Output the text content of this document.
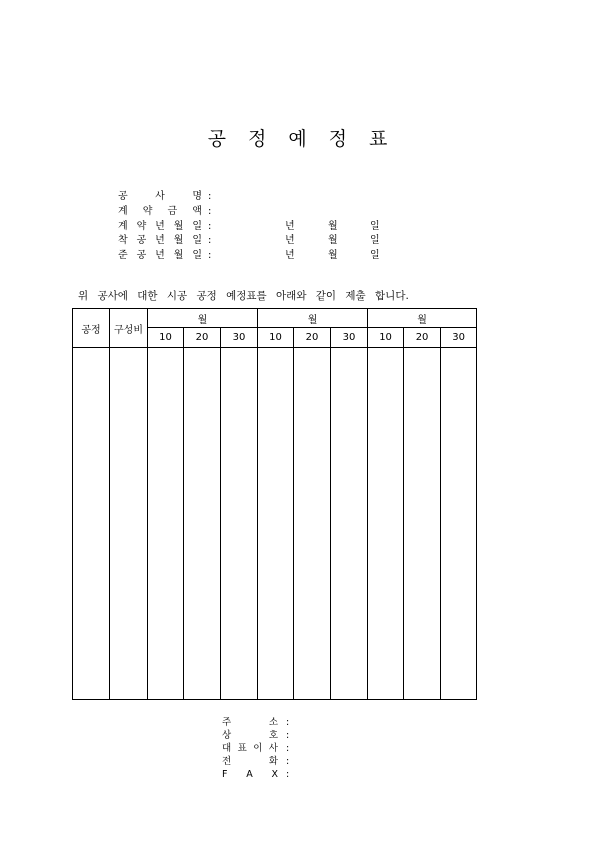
공 정 예 정 표
공	사	명 :
계 약 금 액 :
계 약 년 월 일 :	년	월	일
착 공 년 월 일 :	년	월	일
준 공 년 월 일 :	년	월	일
위 공사에 대한 시공 공정 예정표를 아래와 같이 제출 합니다.
공정	구성비	월			월			월		
		10	20	30	10	20	30	10	20	30

주	소 :
상	호 :
대 표 이 사 :
전	화 :
F A X :
